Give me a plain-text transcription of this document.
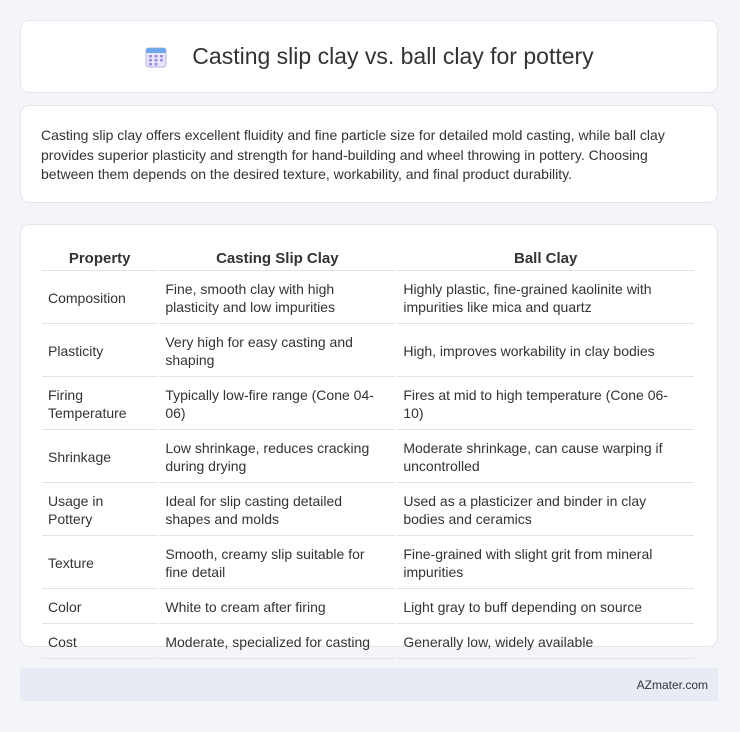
Casting slip clay vs. ball clay for pottery

Casting slip clay offers excellent fluidity and fine particle size for detailed mold casting, while ball clay provides superior plasticity and strength for hand-building and wheel throwing in pottery. Choosing between them depends on the desired texture, workability, and final product durability.

Property	Casting Slip Clay	Ball Clay
Composition	Fine, smooth clay with high plasticity and low impurities	Highly plastic, fine-grained kaolinite with impurities like mica and quartz
Plasticity	Very high for easy casting and shaping	High, improves workability in clay bodies
Firing Temperature	Typically low-fire range (Cone 04-06)	Fires at mid to high temperature (Cone 06-10)
Shrinkage	Low shrinkage, reduces cracking during drying	Moderate shrinkage, can cause warping if uncontrolled
Usage in Pottery	Ideal for slip casting detailed shapes and molds	Used as a plasticizer and binder in clay bodies and ceramics
Texture	Smooth, creamy slip suitable for fine detail	Fine-grained with slight grit from mineral impurities
Color	White to cream after firing	Light gray to buff depending on source
Cost	Moderate, specialized for casting	Generally low, widely available
AZmater.com
